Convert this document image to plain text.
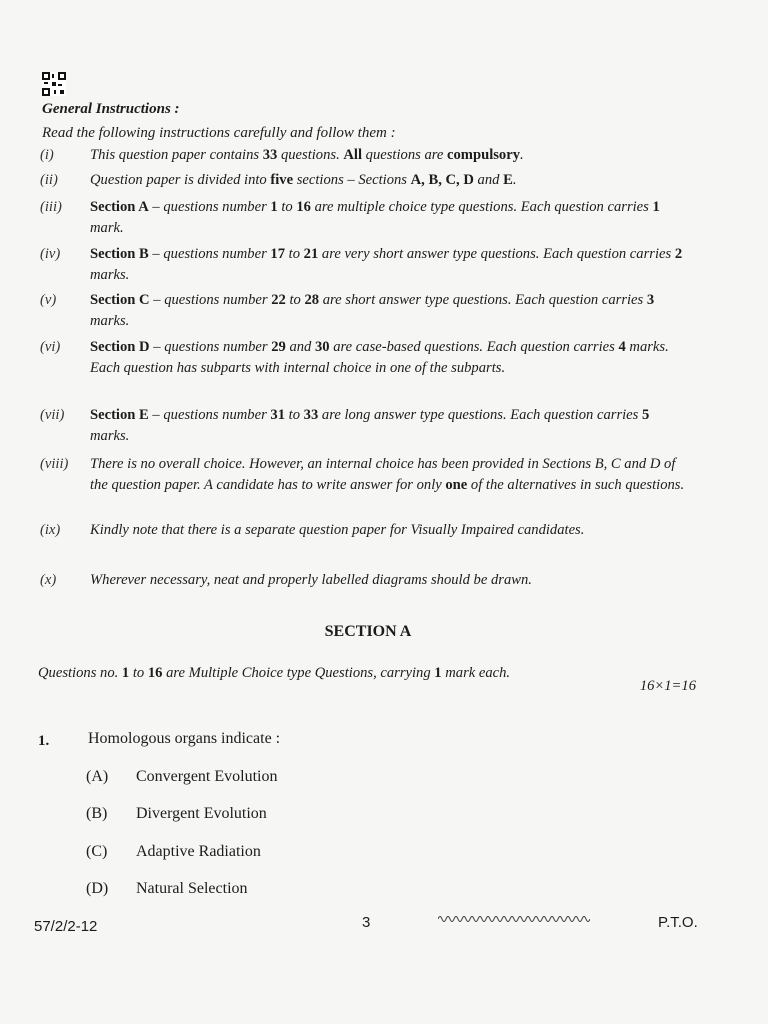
General Instructions :
Read the following instructions carefully and follow them :
(i)	This question paper contains 33 questions. All questions are compulsory.
(ii)	Question paper is divided into five sections – Sections A, B, C, D and E.
(iii)	Section A – questions number 1 to 16 are multiple choice type questions. Each question carries 1 mark.
(iv)	Section B – questions number 17 to 21 are very short answer type questions. Each question carries 2 marks.
(v)	Section C – questions number 22 to 28 are short answer type questions. Each question carries 3 marks.
(vi)	Section D – questions number 29 and 30 are case-based questions. Each question carries 4 marks. Each question has subparts with internal choice in one of the subparts.
(vii)	Section E – questions number 31 to 33 are long answer type questions. Each question carries 5 marks.
(viii)	There is no overall choice. However, an internal choice has been provided in Sections B, C and D of the question paper. A candidate has to write answer for only one of the alternatives in such questions.
(ix)	Kindly note that there is a separate question paper for Visually Impaired candidates.
(x)	Wherever necessary, neat and properly labelled diagrams should be drawn.
SECTION A
Questions no. 1 to 16 are Multiple Choice type Questions, carrying 1 mark each.
16×1=16
1. Homologous organs indicate :
(A) Convergent Evolution
(B) Divergent Evolution
(C) Adaptive Radiation
(D) Natural Selection
57/2/2-12	3	P.T.O.
